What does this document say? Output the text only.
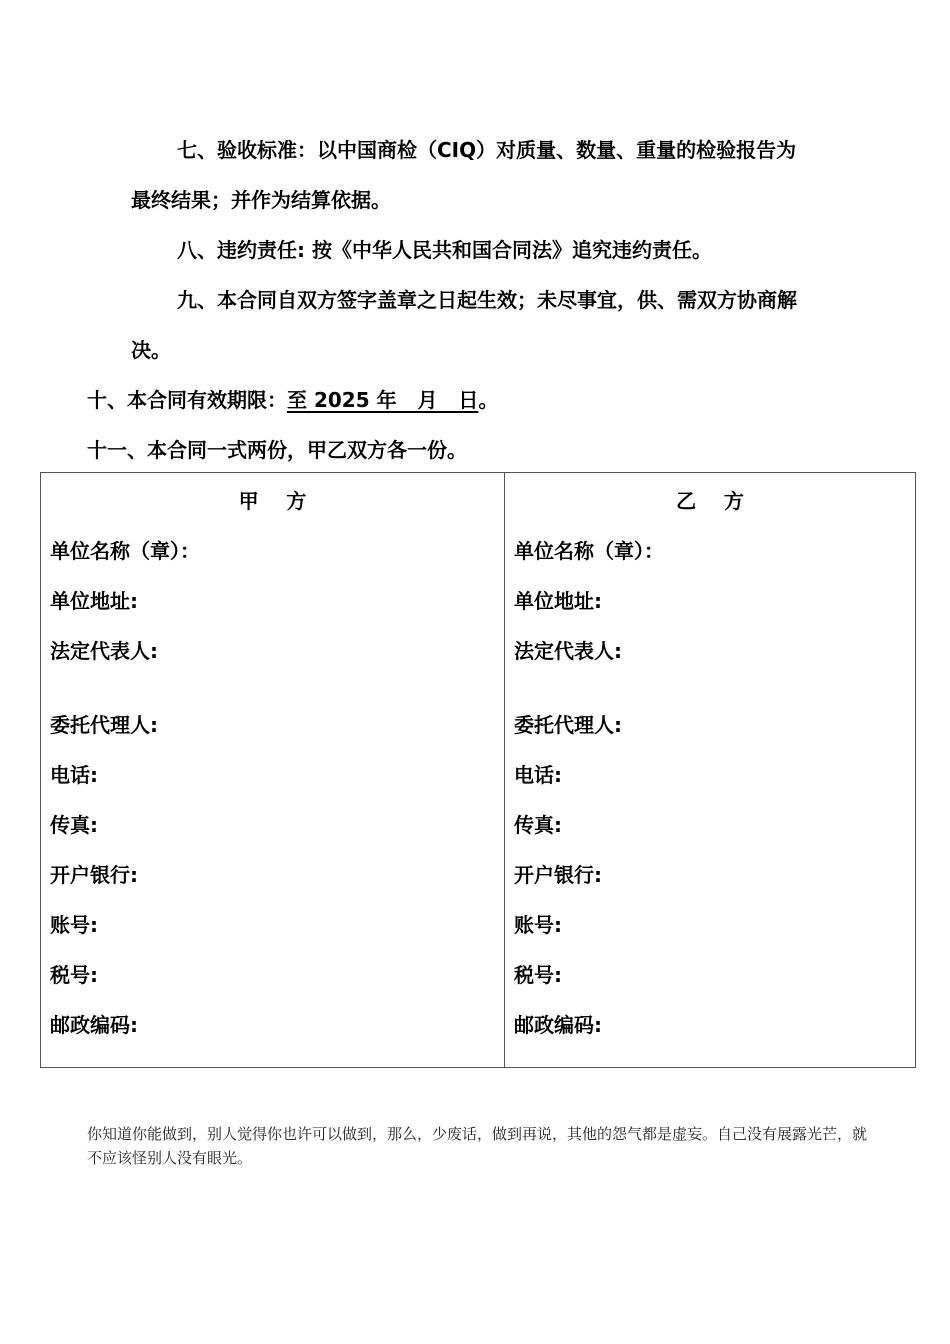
七、验收标准：以中国商检（CIQ）对质量、数量、重量的检验报告为
最终结果；并作为结算依据。
八、违约责任: 按《中华人民共和国合同法》追究违约责任。
九、本合同自双方签字盖章之日起生效；未尽事宜，供、需双方协商解
决。
十、本合同有效期限：至 2025 年   月   日。
十一、本合同一式两份，甲乙双方各一份。
甲    方
单位名称（章）：
单位地址:
法定代表人:
委托代理人:
电话:
传真:
开户银行:
账号:
税号:
邮政编码:
乙    方
单位名称（章）：
单位地址:
法定代表人:
委托代理人:
电话:
传真:
开户银行:
账号:
税号:
邮政编码:
你知道你能做到，别人觉得你也许可以做到，那么，少废话，做到再说，其他的怨气都是虚妄。自己没有展露光芒，就不应该怪别人没有眼光。
